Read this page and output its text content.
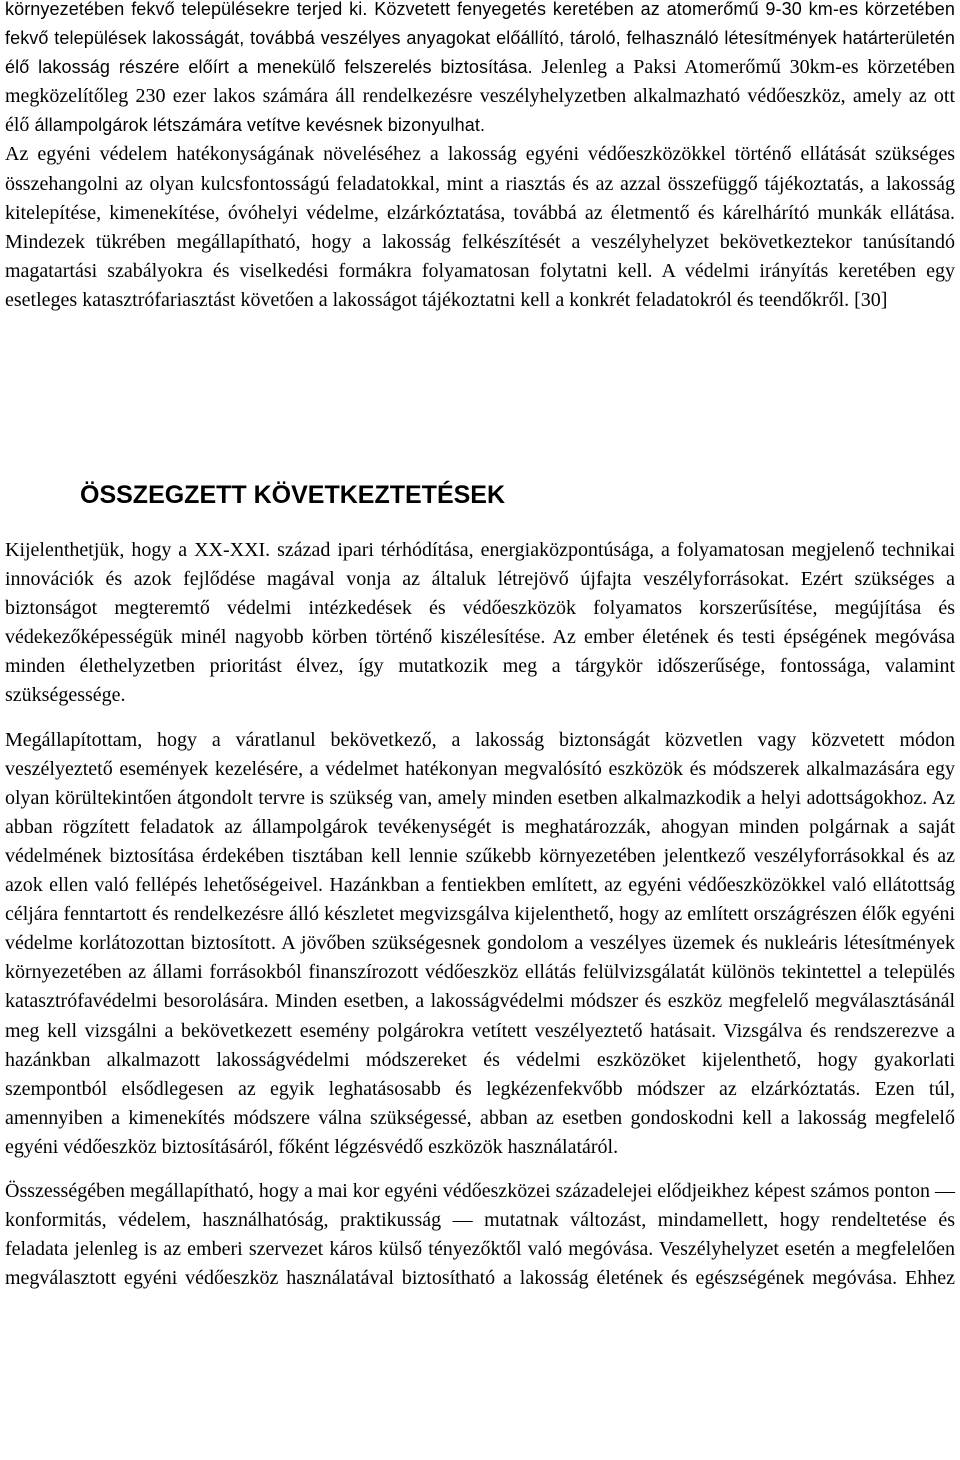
környezetében fekvő településekre terjed ki. Közvetett fenyegetés keretében az atomerőmű 9-30 km-es körzetében fekvő települések lakosságát, továbbá veszélyes anyagokat előállító, tároló, felhasználó létesítmények határterületén élő lakosság részére előírt a menekülő felszerelés biztosítása. Jelenleg a Paksi Atomerőmű 30km-es körzetében megközelítőleg 230 ezer lakos számára áll rendelkezésre veszélyhelyzetben alkalmazható védőeszköz, amely az ott élő állampolgárok létszámára vetítve kevésnek bizonyulhat.

Az egyéni védelem hatékonyságának növeléséhez a lakosság egyéni védőeszközökkel történő ellátását szükséges összehangolni az olyan kulcsfontosságú feladatokkal, mint a riasztás és az azzal összefüggő tájékoztatás, a lakosság kitelepítése, kimenekítése, óvóhelyi védelme, elzárkóztatása, továbbá az életmentő és kárelhárító munkák ellátása. Mindezek tükrében megállapítható, hogy a lakosság felkészítését a veszélyhelyzet bekövetkeztekor tanúsítandó magatartási szabályokra és viselkedési formákra folyamatosan folytatni kell. A védelmi irányítás keretében egy esetleges katasztrófariasztást követően a lakosságot tájékoztatni kell a konkrét feladatokról és teendőkről. [30]

ÖSSZEGZETT KÖVETKEZTETÉSEK

Kijelenthetjük, hogy a XX-XXI. század ipari térhódítása, energiaközpontúsága, a folyamatosan megjelenő technikai innovációk és azok fejlődése magával vonja az általuk létrejövő újfajta veszélyforrásokat. Ezért szükséges a biztonságot megteremtő védelmi intézkedések és védőeszközök folyamatos korszerűsítése, megújítása és védekezőképességük minél nagyobb körben történő kiszélesítése. Az ember életének és testi épségének megóvása minden élethelyzetben prioritást élvez, így mutatkozik meg a tárgykör időszerűsége, fontossága, valamint szükségessége.

Megállapítottam, hogy a váratlanul bekövetkező, a lakosság biztonságát közvetlen vagy közvetett módon veszélyeztető események kezelésére, a védelmet hatékonyan megvalósító eszközök és módszerek alkalmazására egy olyan körültekintően átgondolt tervre is szükség van, amely minden esetben alkalmazkodik a helyi adottságokhoz. Az abban rögzített feladatok az állampolgárok tevékenységét is meghatározzák, ahogyan minden polgárnak a saját védelmének biztosítása érdekében tisztában kell lennie szűkebb környezetében jelentkező veszélyforrásokkal és az azok ellen való fellépés lehetőségeivel. Hazánkban a fentiekben említett, az egyéni védőeszközökkel való ellátottság céljára fenntartott és rendelkezésre álló készletet megvizsgálva kijelenthető, hogy az említett országrészen élők egyéni védelme korlátozottan biztosított. A jövőben szükségesnek gondolom a veszélyes üzemek és nukleáris létesítmények környezetében az állami forrásokból finanszírozott védőeszköz ellátás felülvizsgálatát különös tekintettel a település katasztrófavédelmi besorolására. Minden esetben, a lakosságvédelmi módszer és eszköz megfelelő megválasztásánál meg kell vizsgálni a bekövetkezett esemény polgárokra vetített veszélyeztető hatásait. Vizsgálva és rendszerezve a hazánkban alkalmazott lakosságvédelmi módszereket és védelmi eszközöket kijelenthető, hogy gyakorlati szempontból elsődlegesen az egyik leghatásosabb és legkézenfekvőbb módszer az elzárkóztatás. Ezen túl, amennyiben a kimenekítés módszere válna szükségessé, abban az esetben gondoskodni kell a lakosság megfelelő egyéni védőeszköz biztosításáról, főként légzésvédő eszközök használatáról.

Összességében megállapítható, hogy a mai kor egyéni védőeszközei századelejei elődjeikhez képest számos ponton — konformitás, védelem, használhatóság, praktikusság — mutatnak változást, mindamellett, hogy rendeltetése és feladata jelenleg is az emberi szervezet káros külső tényezőktől való megóvása. Veszélyhelyzet esetén a megfelelően megválasztott egyéni védőeszköz használatával biztosítható a lakosság életének és egészségének megóvása. Ehhez
